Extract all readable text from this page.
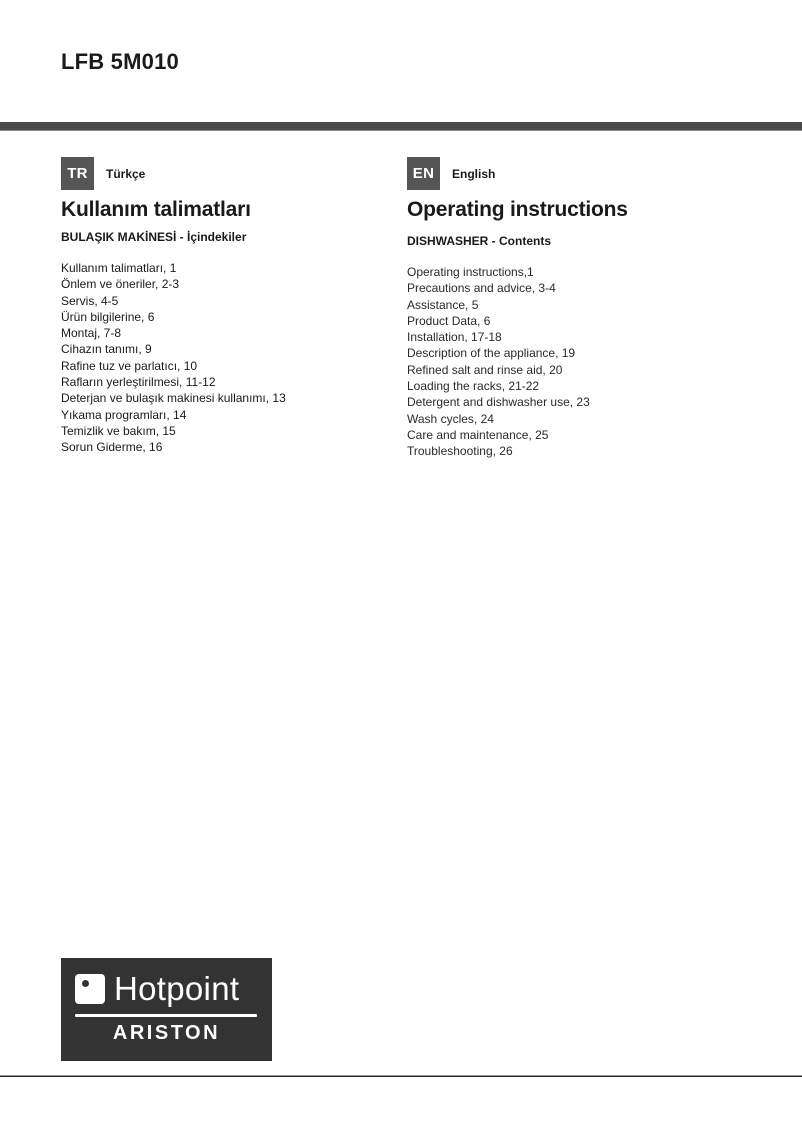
LFB 5M010
TR	Türkçe
Kullanım talimatları
BULAŞIK MAKİNESİ - İçindekiler
Kullanım talimatları, 1
Önlem ve öneriler, 2-3
Servis, 4-5
Ürün bilgilerine, 6
Montaj, 7-8
Cihazın tanımı, 9
Rafine tuz ve parlatıcı, 10
Rafların yerleştirilmesi, 11-12
Deterjan ve bulaşık makinesi kullanımı, 13
Yıkama programları, 14
Temizlik ve bakım, 15
Sorun Giderme, 16
EN	English
Operating instructions
DISHWASHER - Contents
Operating instructions,1
Precautions and advice, 3-4
Assistance, 5
Product Data, 6
Installation, 17-18
Description of the appliance, 19
Refined salt and rinse aid, 20
Loading the racks, 21-22
Detergent and dishwasher use, 23
Wash cycles, 24
Care and maintenance, 25
Troubleshooting, 26
Hotpoint
ARISTON
